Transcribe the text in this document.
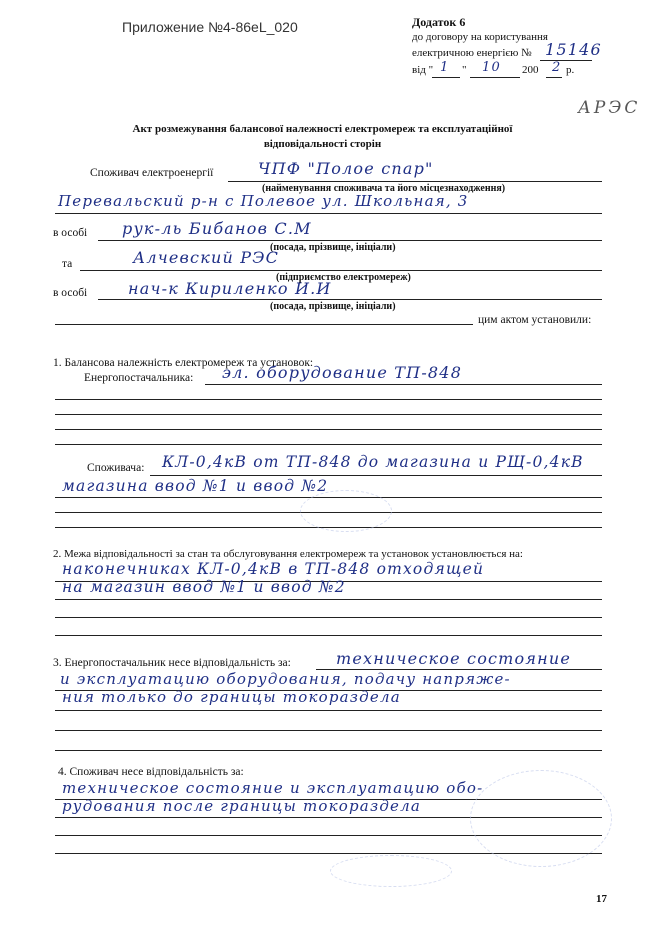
Приложение №4-86eL_020	Додаток 6
до договору на користування
електричною енергією № 15146
від " 1 " 10 200 2 р.
АРЭС
Акт розмежування балансової належності електромереж та експлуатаційної
відповідальності сторін
Споживач електроенергії	ЧПФ "Полое спар"
(найменування споживача та його місцезнаходження)
Перевальский р-н с Полевое ул. Школьная, 3
в особі рук-ль Бибанов С.М
(посада, прізвище, ініціали)
та	Алчевский РЭС
(підприємство електромереж)
в особі	нач-к Кириленко И.И
(посада, прізвище, ініціали)
цим актом установили:
1. Балансова належність електромереж та установок:
Енергопостачальника: эл. оборудование ТП-848
Споживача: КЛ-0,4кВ от ТП-848 до магазина и РЩ-0,4кВ
магазина ввод №1 и ввод №2
2. Межа відповідальності за стан та обслуговування електромереж та установок установлюється на:
наконечниках КЛ-0,4кВ в ТП-848 отходящей
на магазин ввод №1 и ввод №2
3. Енергопостачальник несе відповідальність за:	техническое состояние
и эксплуатацию оборудования, подачу напряже-
ния только до границы токораздела
4. Споживач несе відповідальність за:
техническое состояние и эксплуатацию обо-
рудования после границы токораздела
17
